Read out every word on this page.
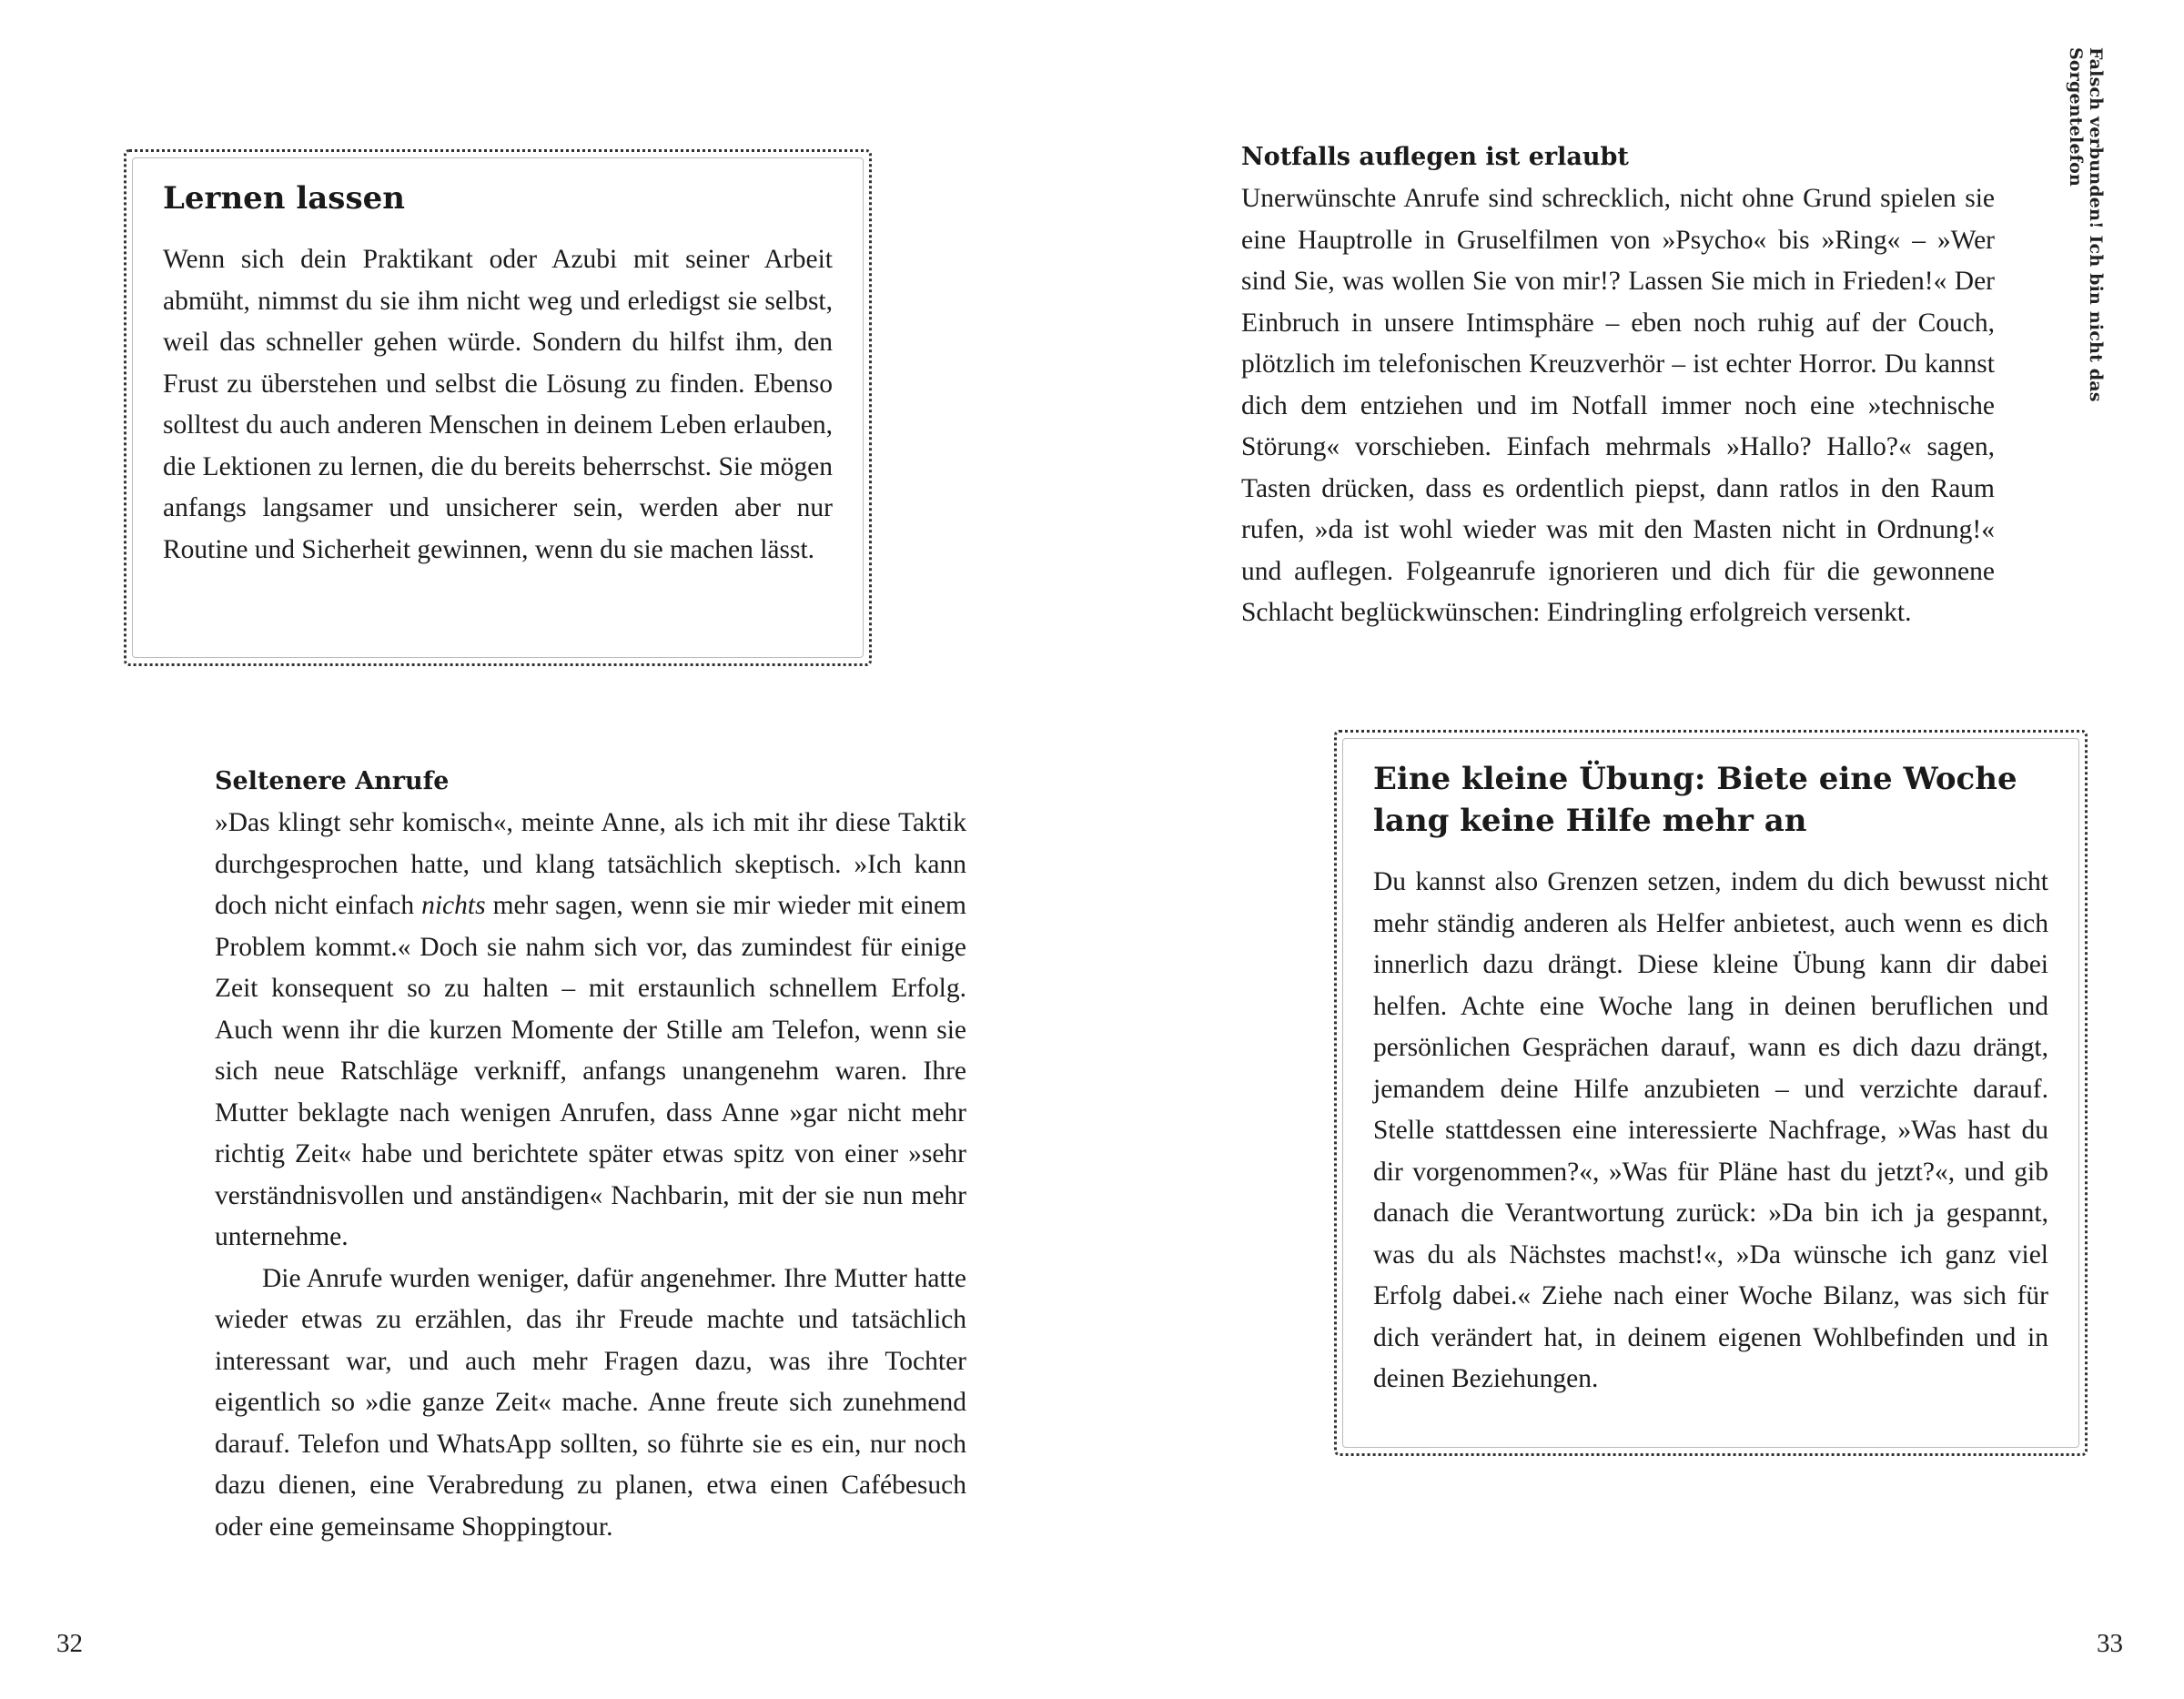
Lernen lassen

Wenn sich dein Praktikant oder Azubi mit seiner Arbeit abmüht, nimmst du sie ihm nicht weg und erledigst sie selbst, weil das schneller gehen würde. Sondern du hilfst ihm, den Frust zu überstehen und selbst die Lösung zu finden. Ebenso solltest du auch anderen Menschen in deinem Leben erlauben, die Lektionen zu lernen, die du bereits beherrschst. Sie mögen anfangs langsamer und unsicherer sein, werden aber nur Routine und Sicherheit gewinnen, wenn du sie machen lässt.

Seltenere Anrufe

»Das klingt sehr komisch«, meinte Anne, als ich mit ihr diese Taktik durchgesprochen hatte, und klang tatsächlich skeptisch. »Ich kann doch nicht einfach nichts mehr sagen, wenn sie mir wieder mit einem Problem kommt.« Doch sie nahm sich vor, das zumindest für einige Zeit konsequent so zu halten – mit erstaunlich schnellem Erfolg. Auch wenn ihr die kurzen Momente der Stille am Telefon, wenn sie sich neue Ratschläge verkniff, anfangs unangenehm waren. Ihre Mutter beklagte nach wenigen Anrufen, dass Anne »gar nicht mehr richtig Zeit« habe und berichtete später etwas spitz von einer »sehr verständnisvollen und anständigen« Nachbarin, mit der sie nun mehr unternehme.

Die Anrufe wurden weniger, dafür angenehmer. Ihre Mutter hatte wieder etwas zu erzählen, das ihr Freude machte und tatsächlich interessant war, und auch mehr Fragen dazu, was ihre Tochter eigentlich so »die ganze Zeit« mache. Anne freute sich zunehmend darauf. Telefon und WhatsApp sollten, so führte sie es ein, nur noch dazu dienen, eine Verabredung zu planen, etwa einen Cafébesuch oder eine gemeinsame Shoppingtour.

32

Notfalls auflegen ist erlaubt

Unerwünschte Anrufe sind schrecklich, nicht ohne Grund spielen sie eine Hauptrolle in Gruselfilmen von »Psycho« bis »Ring« – »Wer sind Sie, was wollen Sie von mir!? Lassen Sie mich in Frieden!« Der Einbruch in unsere Intimsphäre – eben noch ruhig auf der Couch, plötzlich im telefonischen Kreuzverhör – ist echter Horror. Du kannst dich dem entziehen und im Notfall immer noch eine »technische Störung« vorschieben. Einfach mehrmals »Hallo? Hallo?« sagen, Tasten drücken, dass es ordentlich piepst, dann ratlos in den Raum rufen, »da ist wohl wieder was mit den Masten nicht in Ordnung!« und auflegen. Folgeanrufe ignorieren und dich für die gewonnene Schlacht beglückwünschen: Eindringling erfolgreich versenkt.

Eine kleine Übung: Biete eine Woche lang keine Hilfe mehr an

Du kannst also Grenzen setzen, indem du dich bewusst nicht mehr ständig anderen als Helfer anbietest, auch wenn es dich innerlich dazu drängt. Diese kleine Übung kann dir dabei helfen. Achte eine Woche lang in deinen beruflichen und persönlichen Gesprächen darauf, wann es dich dazu drängt, jemandem deine Hilfe anzubieten – und verzichte darauf. Stelle stattdessen eine interessierte Nachfrage, »Was hast du dir vorgenommen?«, »Was für Pläne hast du jetzt?«, und gib danach die Verantwortung zurück: »Da bin ich ja gespannt, was du als Nächstes machst!«, »Da wünsche ich ganz viel Erfolg dabei.« Ziehe nach einer Woche Bilanz, was sich für dich verändert hat, in deinem eigenen Wohlbefinden und in deinen Beziehungen.

33
Falsch verbunden! Ich bin nicht das Sorgentelefon
